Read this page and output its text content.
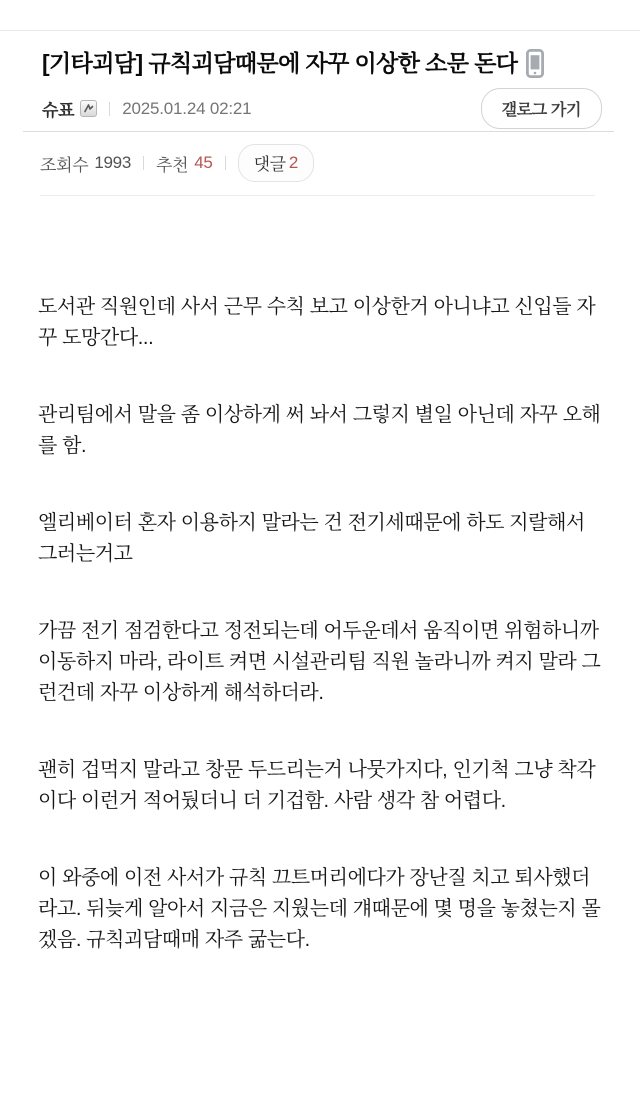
[기타괴담] 규칙괴담때문에 자꾸 이상한 소문 돈다
슈표	2025.01.24 02:21	갤로그 가기
조회수 1993 추천 45 댓글 2

도서관 직원인데 사서 근무 수칙 보고 이상한거 아니냐고 신입들 자꾸 도망간다...

관리팀에서 말을 좀 이상하게 써 놔서 그렇지 별일 아닌데 자꾸 오해를 함.

엘리베이터 혼자 이용하지 말라는 건 전기세때문에 하도 지랄해서 그러는거고

가끔 전기 점검한다고 정전되는데 어두운데서 움직이면 위험하니까 이동하지 마라, 라이트 켜면 시설관리팀 직원 놀라니까 켜지 말라 그런건데 자꾸 이상하게 해석하더라.

괜히 겁먹지 말라고 창문 두드리는거 나뭇가지다, 인기척 그냥 착각이다 이런거 적어뒀더니 더 기겁함. 사람 생각 참 어렵다.

이 와중에 이전 사서가 규칙 끄트머리에다가 장난질 치고 퇴사했더라고. 뒤늦게 알아서 지금은 지웠는데 걔때문에 몇 명을 놓쳤는지 몰겠음. 규칙괴담때매 자주 굶는다.
